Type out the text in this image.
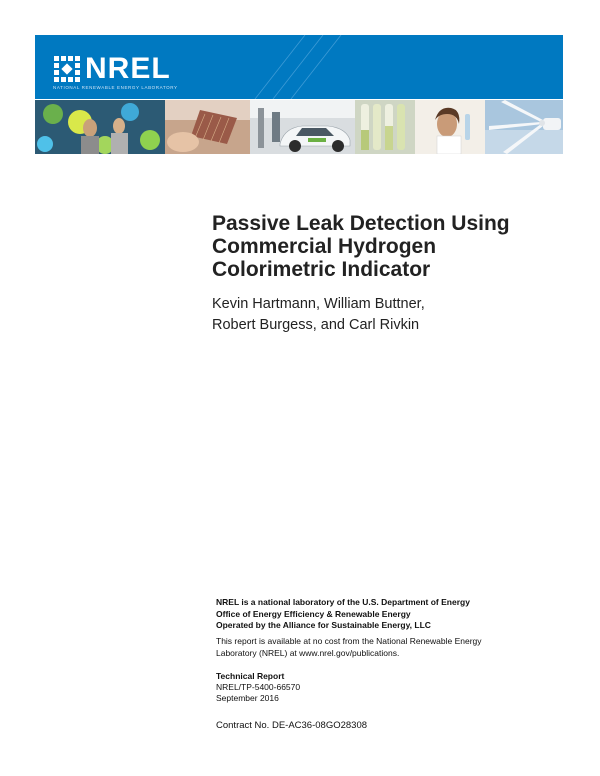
NREL
NATIONAL RENEWABLE ENERGY LABORATORY
Passive Leak Detection Using
Commercial Hydrogen
Colorimetric Indicator
Kevin Hartmann, William Buttner,
Robert Burgess, and Carl Rivkin
NREL is a national laboratory of the U.S. Department of Energy
Office of Energy Efficiency & Renewable Energy
Operated by the Alliance for Sustainable Energy, LLC
This report is available at no cost from the National Renewable Energy
Laboratory (NREL) at www.nrel.gov/publications.
Technical Report
NREL/TP-5400-66570
September 2016
Contract No. DE-AC36-08GO28308
